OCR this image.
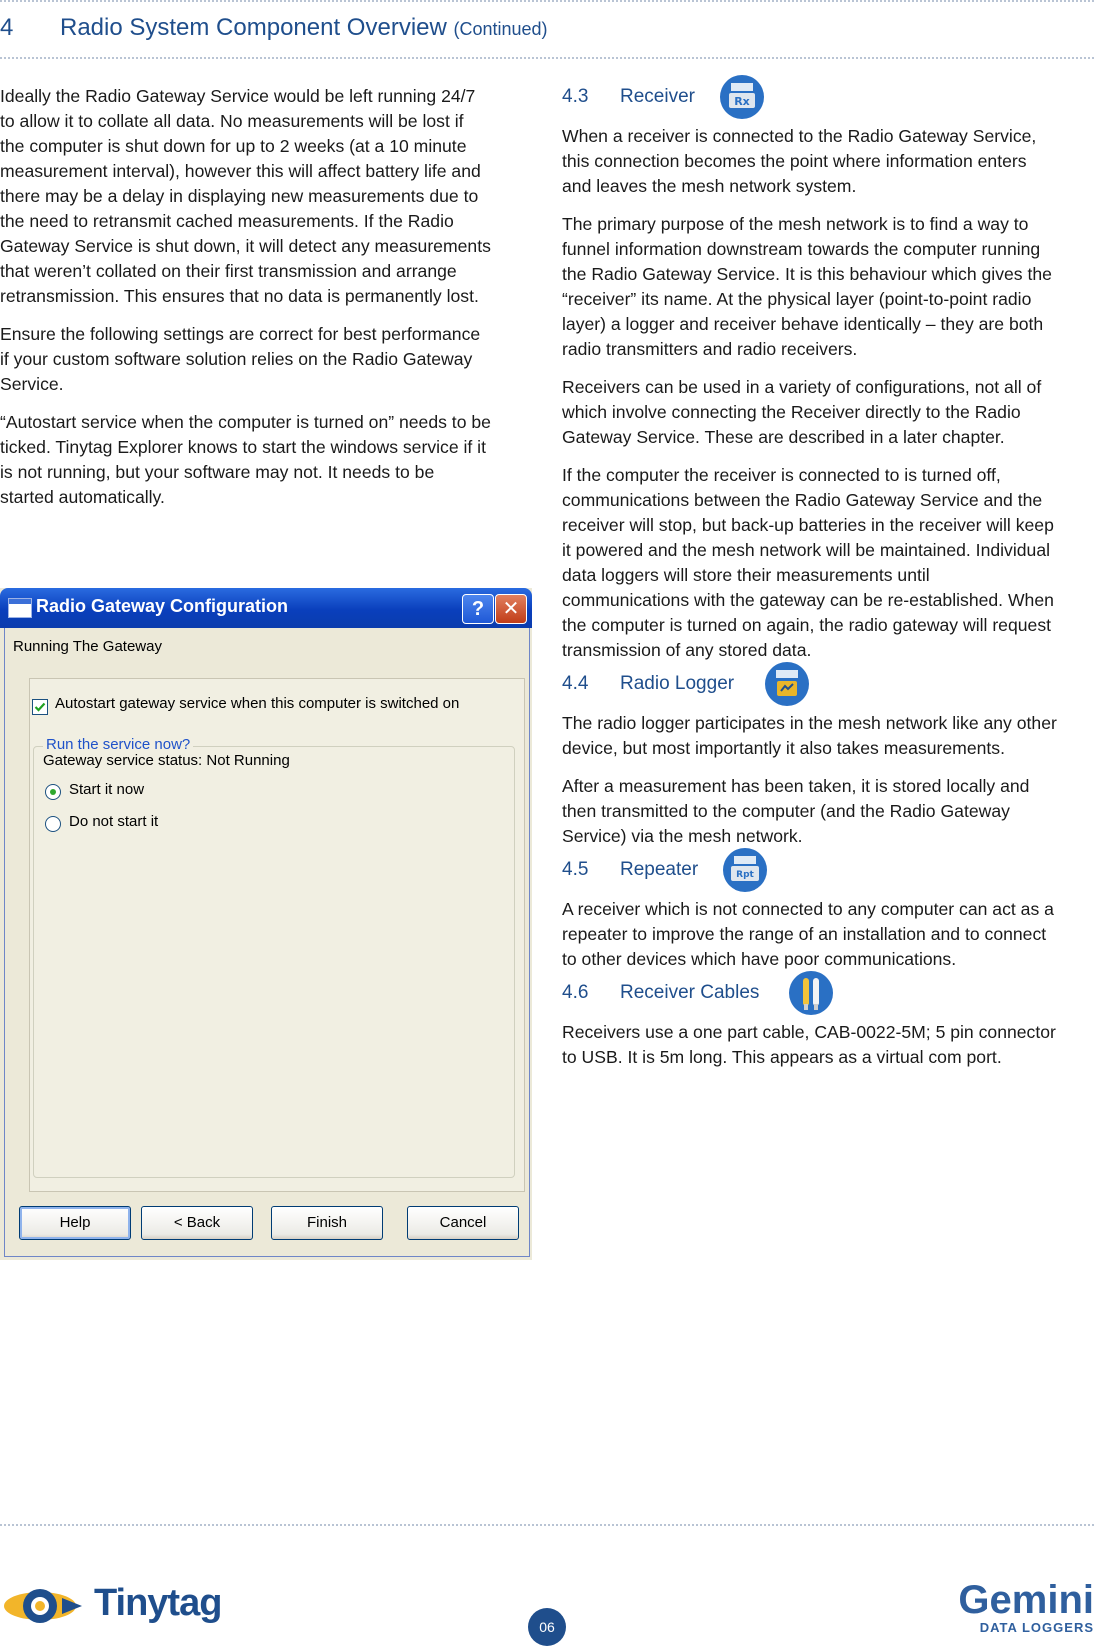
4 Radio System Component Overview (Continued)

Ideally the Radio Gateway Service would be left running 24/7 to allow it to collate all data. No measurements will be lost if the computer is shut down for up to 2 weeks (at a 10 minute measurement interval), however this will affect battery life and there may be a delay in displaying new measurements due to the need to retransmit cached measurements. If the Radio Gateway Service is shut down, it will detect any measurements that weren’t collated on their first transmission and arrange retransmission. This ensures that no data is permanently lost.

Ensure the following settings are correct for best performance if your custom software solution relies on the Radio Gateway Service.

“Autostart service when the computer is turned on” needs to be ticked. Tinytag Explorer knows to start the windows service if it is not running, but your software may not. It needs to be started automatically.

Radio Gateway Configuration	? ✕
Running The Gateway
Autostart gateway service when this computer is switched on
Run the service now?
Gateway service status: Not Running
Start it now
Do not start it
Help	< Back	Finish	Cancel
4.3 Receiver	Rx

When a receiver is connected to the Radio Gateway Service, this connection becomes the point where information enters and leaves the mesh network system.

The primary purpose of the mesh network is to find a way to funnel information downstream towards the computer running the Radio Gateway Service. It is this behaviour which gives the “receiver” its name. At the physical layer (point-to-point radio layer) a logger and receiver behave identically – they are both radio transmitters and radio receivers.

Receivers can be used in a variety of configurations, not all of which involve connecting the Receiver directly to the Radio Gateway Service. These are described in a later chapter.

If the computer the receiver is connected to is turned off, communications between the Radio Gateway Service and the receiver will stop, but back-up batteries in the receiver will keep it powered and the mesh network will be maintained. Individual data loggers will store their measurements until communications with the gateway can be re-established. When the computer is turned on again, the radio gateway will request transmission of any stored data.

4.4 Radio Logger

The radio logger participates in the mesh network like any other device, but most importantly it also takes measurements.

After a measurement has been taken, it is stored locally and then transmitted to the computer (and the Radio Gateway Service) via the mesh network.

4.5 Repeater	Rpt

A receiver which is not connected to any computer can act as a repeater to improve the range of an installation and to connect to other devices which have poor communications.

4.6 Receiver Cables

Receivers use a one part cable, CAB-0022-5M; 5 pin connector to USB. It is 5m long. This appears as a virtual com port.

Tinytag
06
Gemini
DATA LOGGERS
